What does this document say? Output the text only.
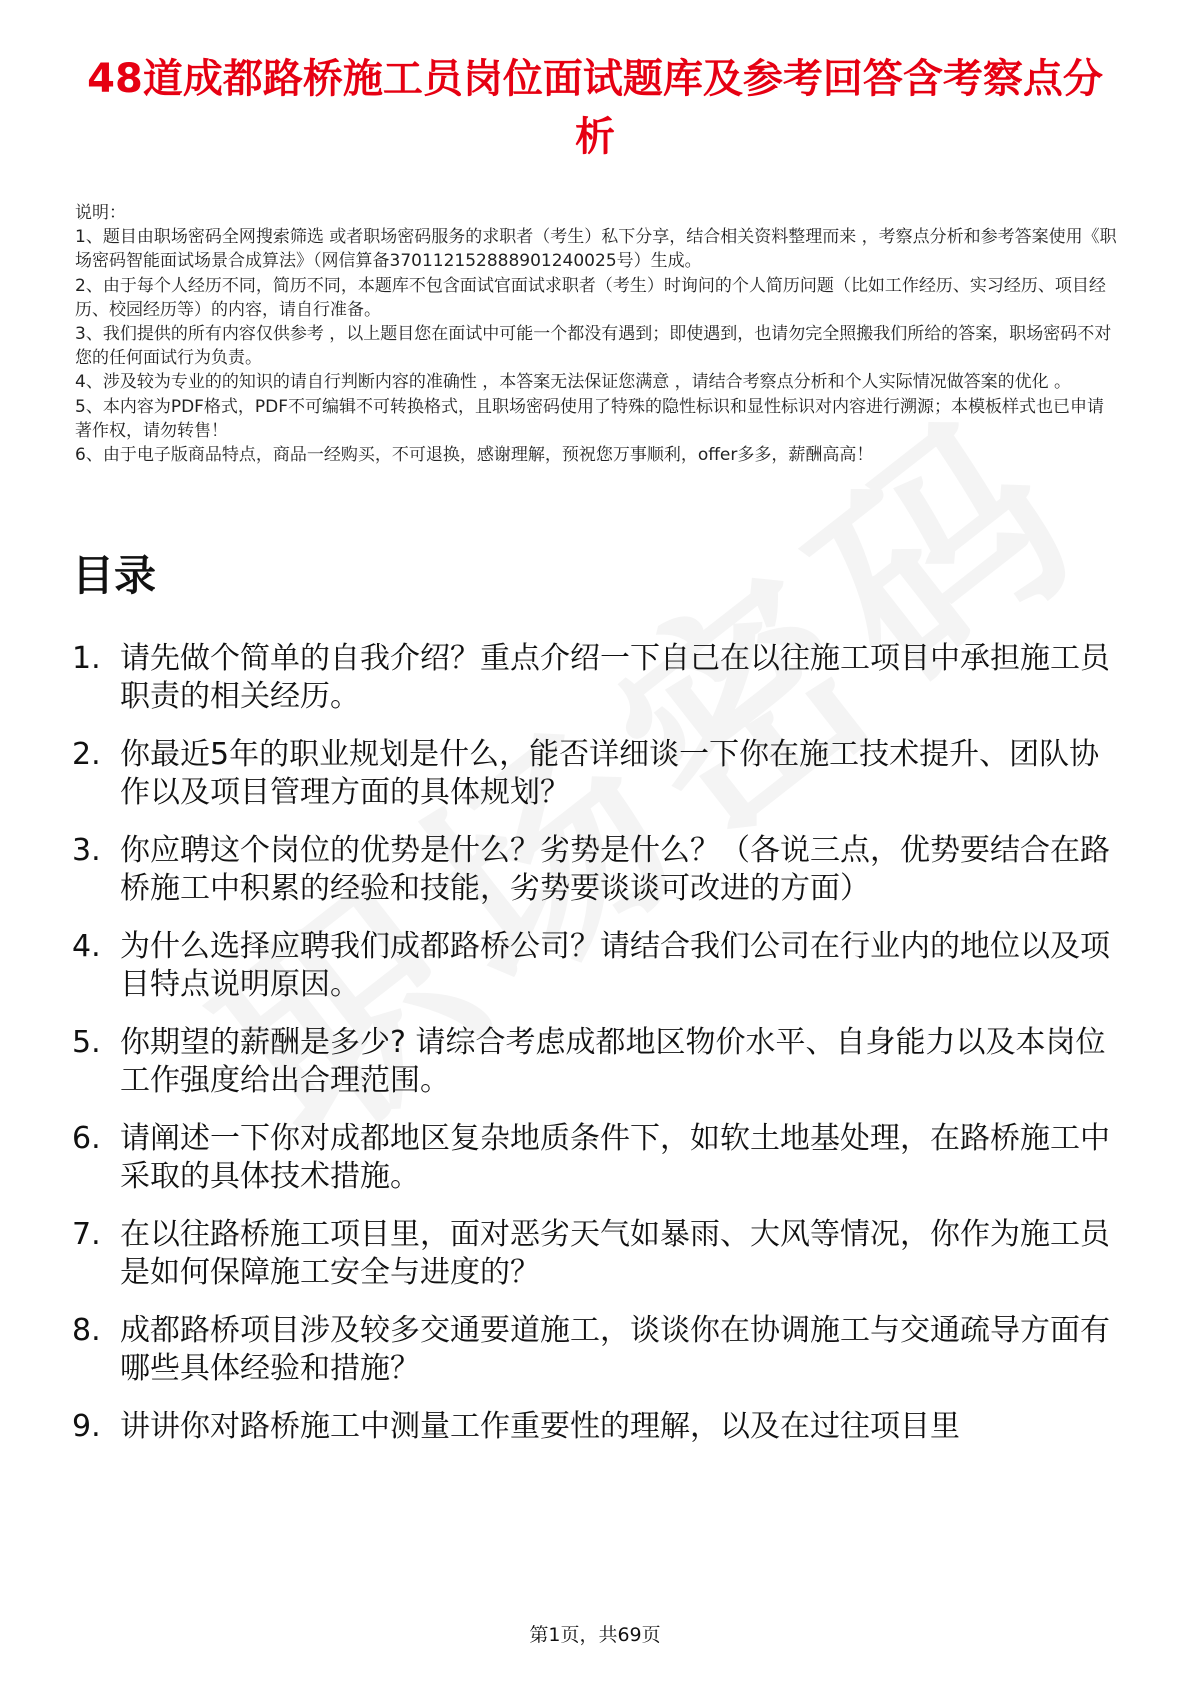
48道成都路桥施工员岗位面试题库及参考回答含考察点分析

说明：

1、题目由职场密码全网搜索筛选 或者职场密码服务的求职者（考生）私下分享，结合相关资料整理而来 ，考察点分析和参考答案使用《职场密码智能面试场景合成算法》（网信算备370112152888901240025号）生成。

2、由于每个人经历不同，简历不同，本题库不包含面试官面试求职者（考生）时询问的个人简历问题（比如工作经历、实习经历、项目经历、校园经历等）的内容，请自行准备。

3、我们提供的所有内容仅供参考 ，以上题目您在面试中可能一个都没有遇到；即使遇到，也请勿完全照搬我们所给的答案，职场密码不对您的任何面试行为负责。

4、涉及较为专业的的知识的请自行判断内容的准确性 ，本答案无法保证您满意 ，请结合考察点分析和个人实际情况做答案的优化 。

5、本内容为PDF格式，PDF不可编辑不可转换格式，且职场密码使用了特殊的隐性标识和显性标识对内容进行溯源；本模板样式也已申请著作权，请勿转售！

6、由于电子版商品特点，商品一经购买，不可退换，感谢理解，预祝您万事顺利，offer多多，薪酬高高！

目录
1. 请先做个简单的自我介绍？重点介绍一下自己在以往施工项目中承担施工员职责的相关经历。
2. 你最近5年的职业规划是什么，能否详细谈一下你在施工技术提升、团队协作以及项目管理方面的具体规划？
3. 你应聘这个岗位的优势是什么？劣势是什么？（各说三点，优势要结合在路桥施工中积累的经验和技能，劣势要谈谈可改进的方面）
4. 为什么选择应聘我们成都路桥公司？请结合我们公司在行业内的地位以及项目特点说明原因。
5. 你期望的薪酬是多少? 请综合考虑成都地区物价水平、自身能力以及本岗位工作强度给出合理范围。
6. 请阐述一下你对成都地区复杂地质条件下，如软土地基处理，在路桥施工中采取的具体技术措施。
7. 在以往路桥施工项目里，面对恶劣天气如暴雨、大风等情况，你作为施工员是如何保障施工安全与进度的？
8. 成都路桥项目涉及较多交通要道施工，谈谈你在协调施工与交通疏导方面有哪些具体经验和措施？
9. 讲讲你对路桥施工中测量工作重要性的理解，以及在过往项目里
第1页，共69页
